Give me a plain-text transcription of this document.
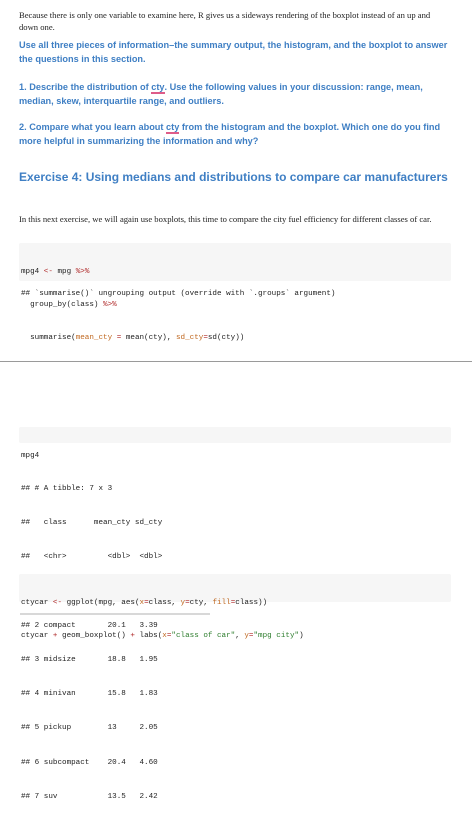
Because there is only one variable to examine here, R gives us a sideways rendering of the boxplot instead of an up and down one.
Use all three pieces of information–the summary output, the histogram, and the boxplot to answer the questions in this section.
1. Describe the distribution of cty. Use the following values in your discussion: range, mean, median, skew, interquartile range, and outliers.
2. Compare what you learn about cty from the histogram and the boxplot. Which one do you find more helpful in summarizing the information and why?
Exercise 4: Using medians and distributions to compare car manufacturers
In this next exercise, we will again use boxplots, this time to compare the city fuel efficiency for different classes of car.

mpg4 <- mpg %>%

group_by(class) %>%

summarise(mean_cty = mean(cty), sd_cty=sd(cty))

## `summarise()` ungrouping output (override with `.groups` argument)

mpg4

## # A tibble: 7 x 3

##   class      mean_cty sd_cty

##   <chr>         <dbl>  <dbl>

## 2 compact       20.1   3.39

## 3 midsize       18.8   1.95

## 4 minivan       15.8   1.83

## 5 pickup        13     2.05

## 6 subcompact    20.4   4.60

## 7 suv           13.5   2.42

ctycar <- ggplot(mpg, aes(x=class, y=cty, fill=class))

ctycar + geom_boxplot() + labs(x="class of car", y="mpg city")
